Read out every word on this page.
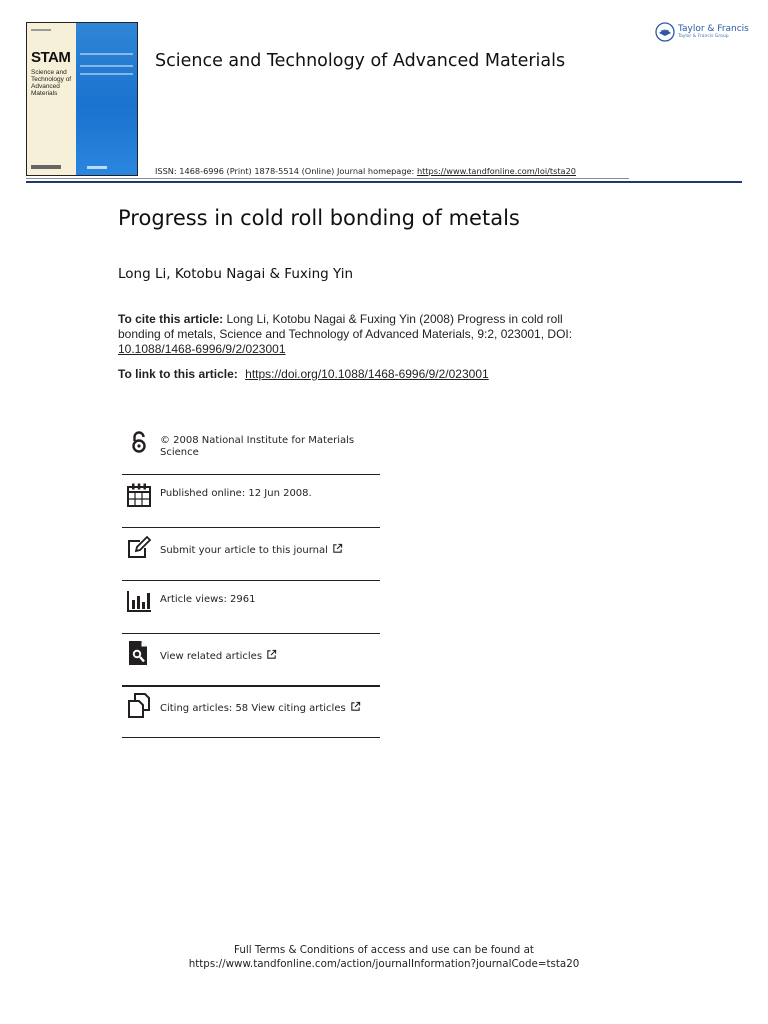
STAM
Science and Technology of Advanced Materials
Science and Technology of Advanced Materials
ISSN: 1468-6996 (Print) 1878-5514 (Online) Journal homepage: https://www.tandfonline.com/loi/tsta20
Taylor & Francis
Taylor & Francis Group
Progress in cold roll bonding of metals
Long Li, Kotobu Nagai & Fuxing Yin
To cite this article: Long Li, Kotobu Nagai & Fuxing Yin (2008) Progress in cold roll bonding of metals, Science and Technology of Advanced Materials, 9:2, 023001, DOI: 10.1088/1468-6996/9/2/023001
To link to this article: https://doi.org/10.1088/1468-6996/9/2/023001
© 2008 National Institute for Materials Science
Published online: 12 Jun 2008.
Submit your article to this journal
Article views: 2961
View related articles
Citing articles: 58 View citing articles
Full Terms & Conditions of access and use can be found at
https://www.tandfonline.com/action/journalInformation?journalCode=tsta20
